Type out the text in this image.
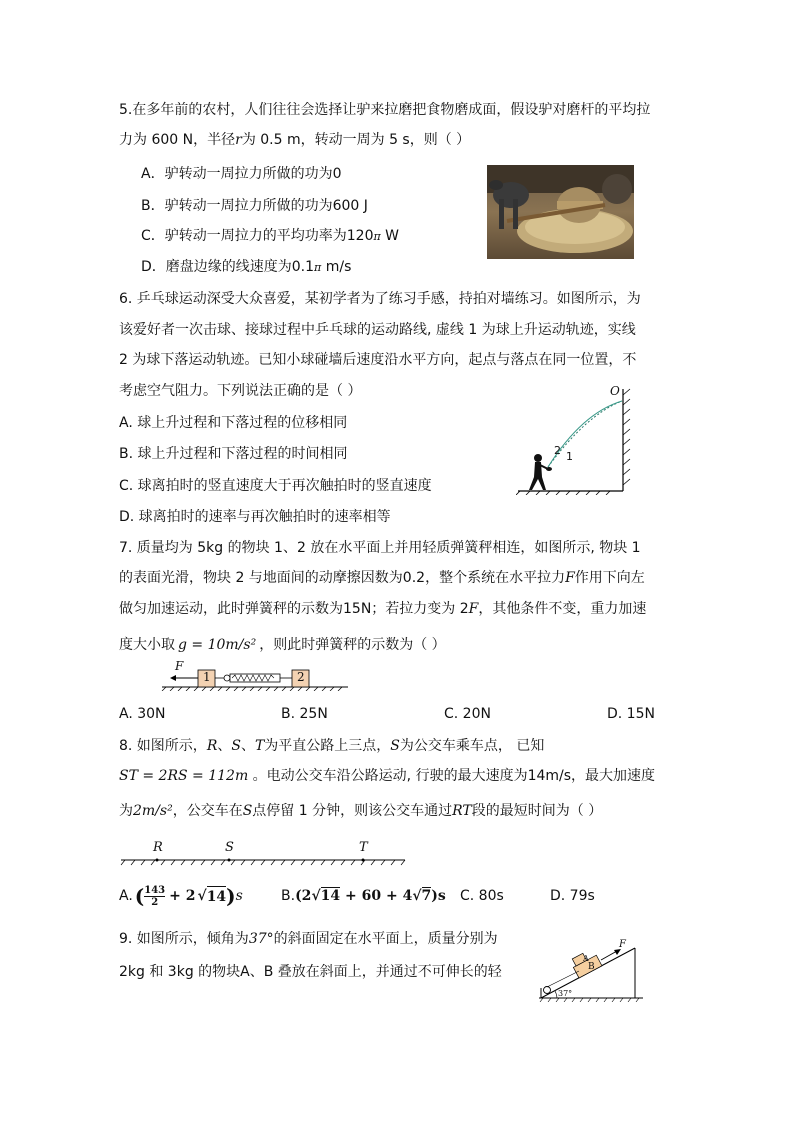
5.在多年前的农村，人们往往会选择让驴来拉磨把食物磨成面，假设驴对磨杆的平均拉
力为 600 N，半径r为 0.5 m，转动一周为 5 s，则（ ）
A．驴转动一周拉力所做的功为0
B．驴转动一周拉力所做的功为600 J
C．驴转动一周拉力的平均功率为120π W
D．磨盘边缘的线速度为0.1π m/s
6. 乒乓球运动深受大众喜爱，某初学者为了练习手感，持拍对墙练习。如图所示，为
该爱好者一次击球、接球过程中乒乓球的运动路线, 虚线 1 为球上升运动轨迹，实线
2 为球下落运动轨迹。已知小球碰墙后速度沿水平方向，起点与落点在同一位置，不
考虑空气阻力。下列说法正确的是（ ）
A. 球上升过程和下落过程的位移相同
B. 球上升过程和下落过程的时间相同
C. 球离拍时的竖直速度大于再次触拍时的竖直速度
D. 球离拍时的速率与再次触拍时的速率相等
O
2 1
7. 质量均为 5kg 的物块 1、2 放在水平面上并用轻质弹簧秤相连，如图所示, 物块 1
的表面光滑，物块 2 与地面间的动摩擦因数为0.2，整个系统在水平拉力F作用下向左
做匀加速运动，此时弹簧秤的示数为15N；若拉力变为 2F，其他条件不变，重力加速
度大小取 g = 10m/s² ，则此时弹簧秤的示数为（ ）
F
1	2
A. 30N	B. 25N	C. 20N	D. 15N
8. 如图所示，R、S、T为平直公路上三点，S为公交车乘车点， 已知
ST = 2RS = 112m 。电动公交车沿公路运动, 行驶的最大速度为14m/s，最大加速度
为2m/s²，公交车在S点停留 1 分钟，则该公交车通过RT段的最短时间为（ ）
R	S	T
A. ( $\frac{143}{2} + 2$ √ 14 ) s	B.(2√14 + 60 + 4√7)s C. 80s	D. 79s
9. 如图所示，倾角为37°的斜面固定在水平面上，质量分别为
2kg 和 3kg 的物块A、B 叠放在斜面上，并通过不可伸长的轻
A
B
F
37°
